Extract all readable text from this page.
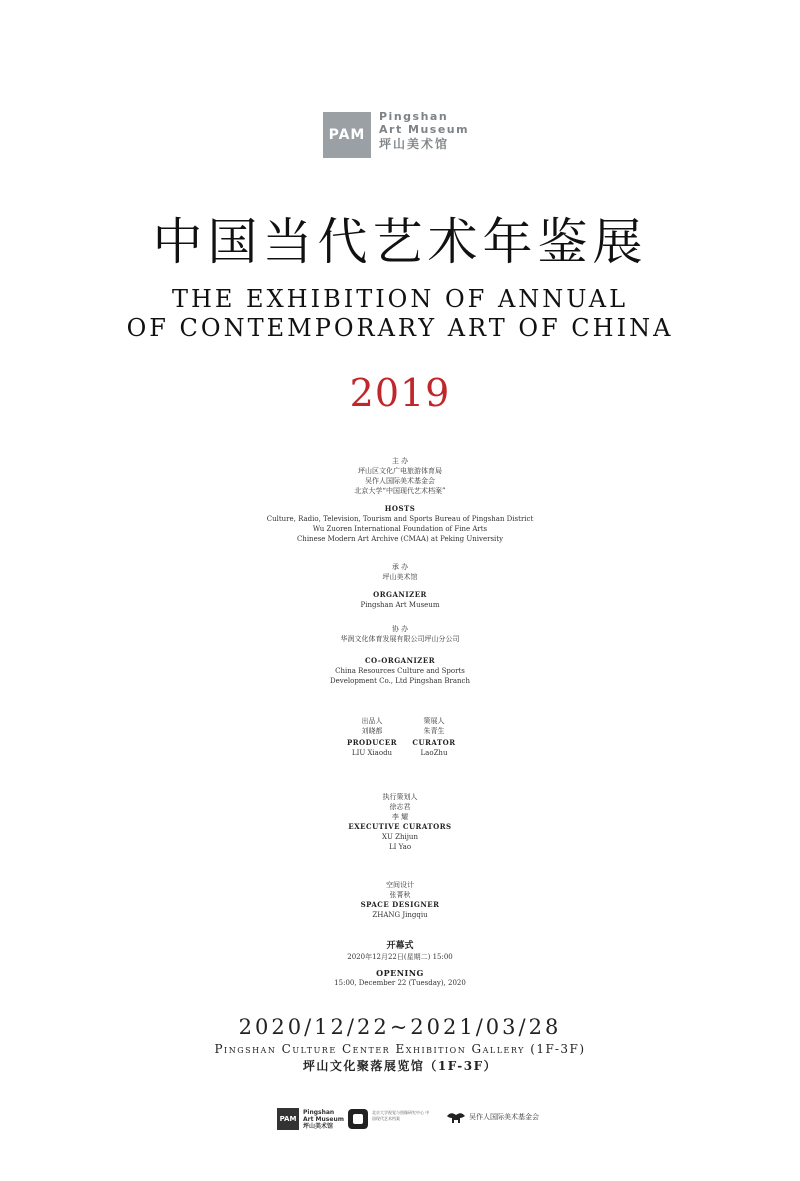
PAM
Pingshan
Art Museum
坪山美术馆
中国当代艺术年鉴展
THE EXHIBITION OF ANNUAL
OF CONTEMPORARY ART OF CHINA
2019
主 办
坪山区文化广电旅游体育局
吴作人国际美术基金会
北京大学“中国现代艺术档案”
HOSTS
Culture, Radio, Television, Tourism and Sports Bureau of Pingshan District
Wu Zuoren International Foundation of Fine Arts
Chinese Modern Art Archive (CMAA) at Peking University
承 办
坪山美术馆
ORGANIZER
Pingshan Art Museum
协 办
华润文化体育发展有限公司坪山分公司
CO-ORGANIZER
China Resources Culture and Sports
Development Co., Ltd Pingshan Branch
出品人
刘晓都
PRODUCER
LIU Xiaodu
策展人
朱青生
CURATOR
LaoZhu
执行策划人
徐志君
李 耀
EXECUTIVE CURATORS
XU Zhijun
LI Yao
空间设计
张菁秋
SPACE DESIGNER
ZHANG Jingqiu
开幕式
2020年12月22日(星期二) 15:00
OPENING
15:00, December 22 (Tuesday), 2020
2020/12/22~2021/03/28
Pingshan Culture Center Exhibition Gallery (1F-3F)
坪山文化聚落展览馆（1F-3F）
PAM
Pingshan
Art Museum
坪山美术馆
北京大学视觉与图像研究中心 中国现代艺术档案	吴作人国际美术基金会
